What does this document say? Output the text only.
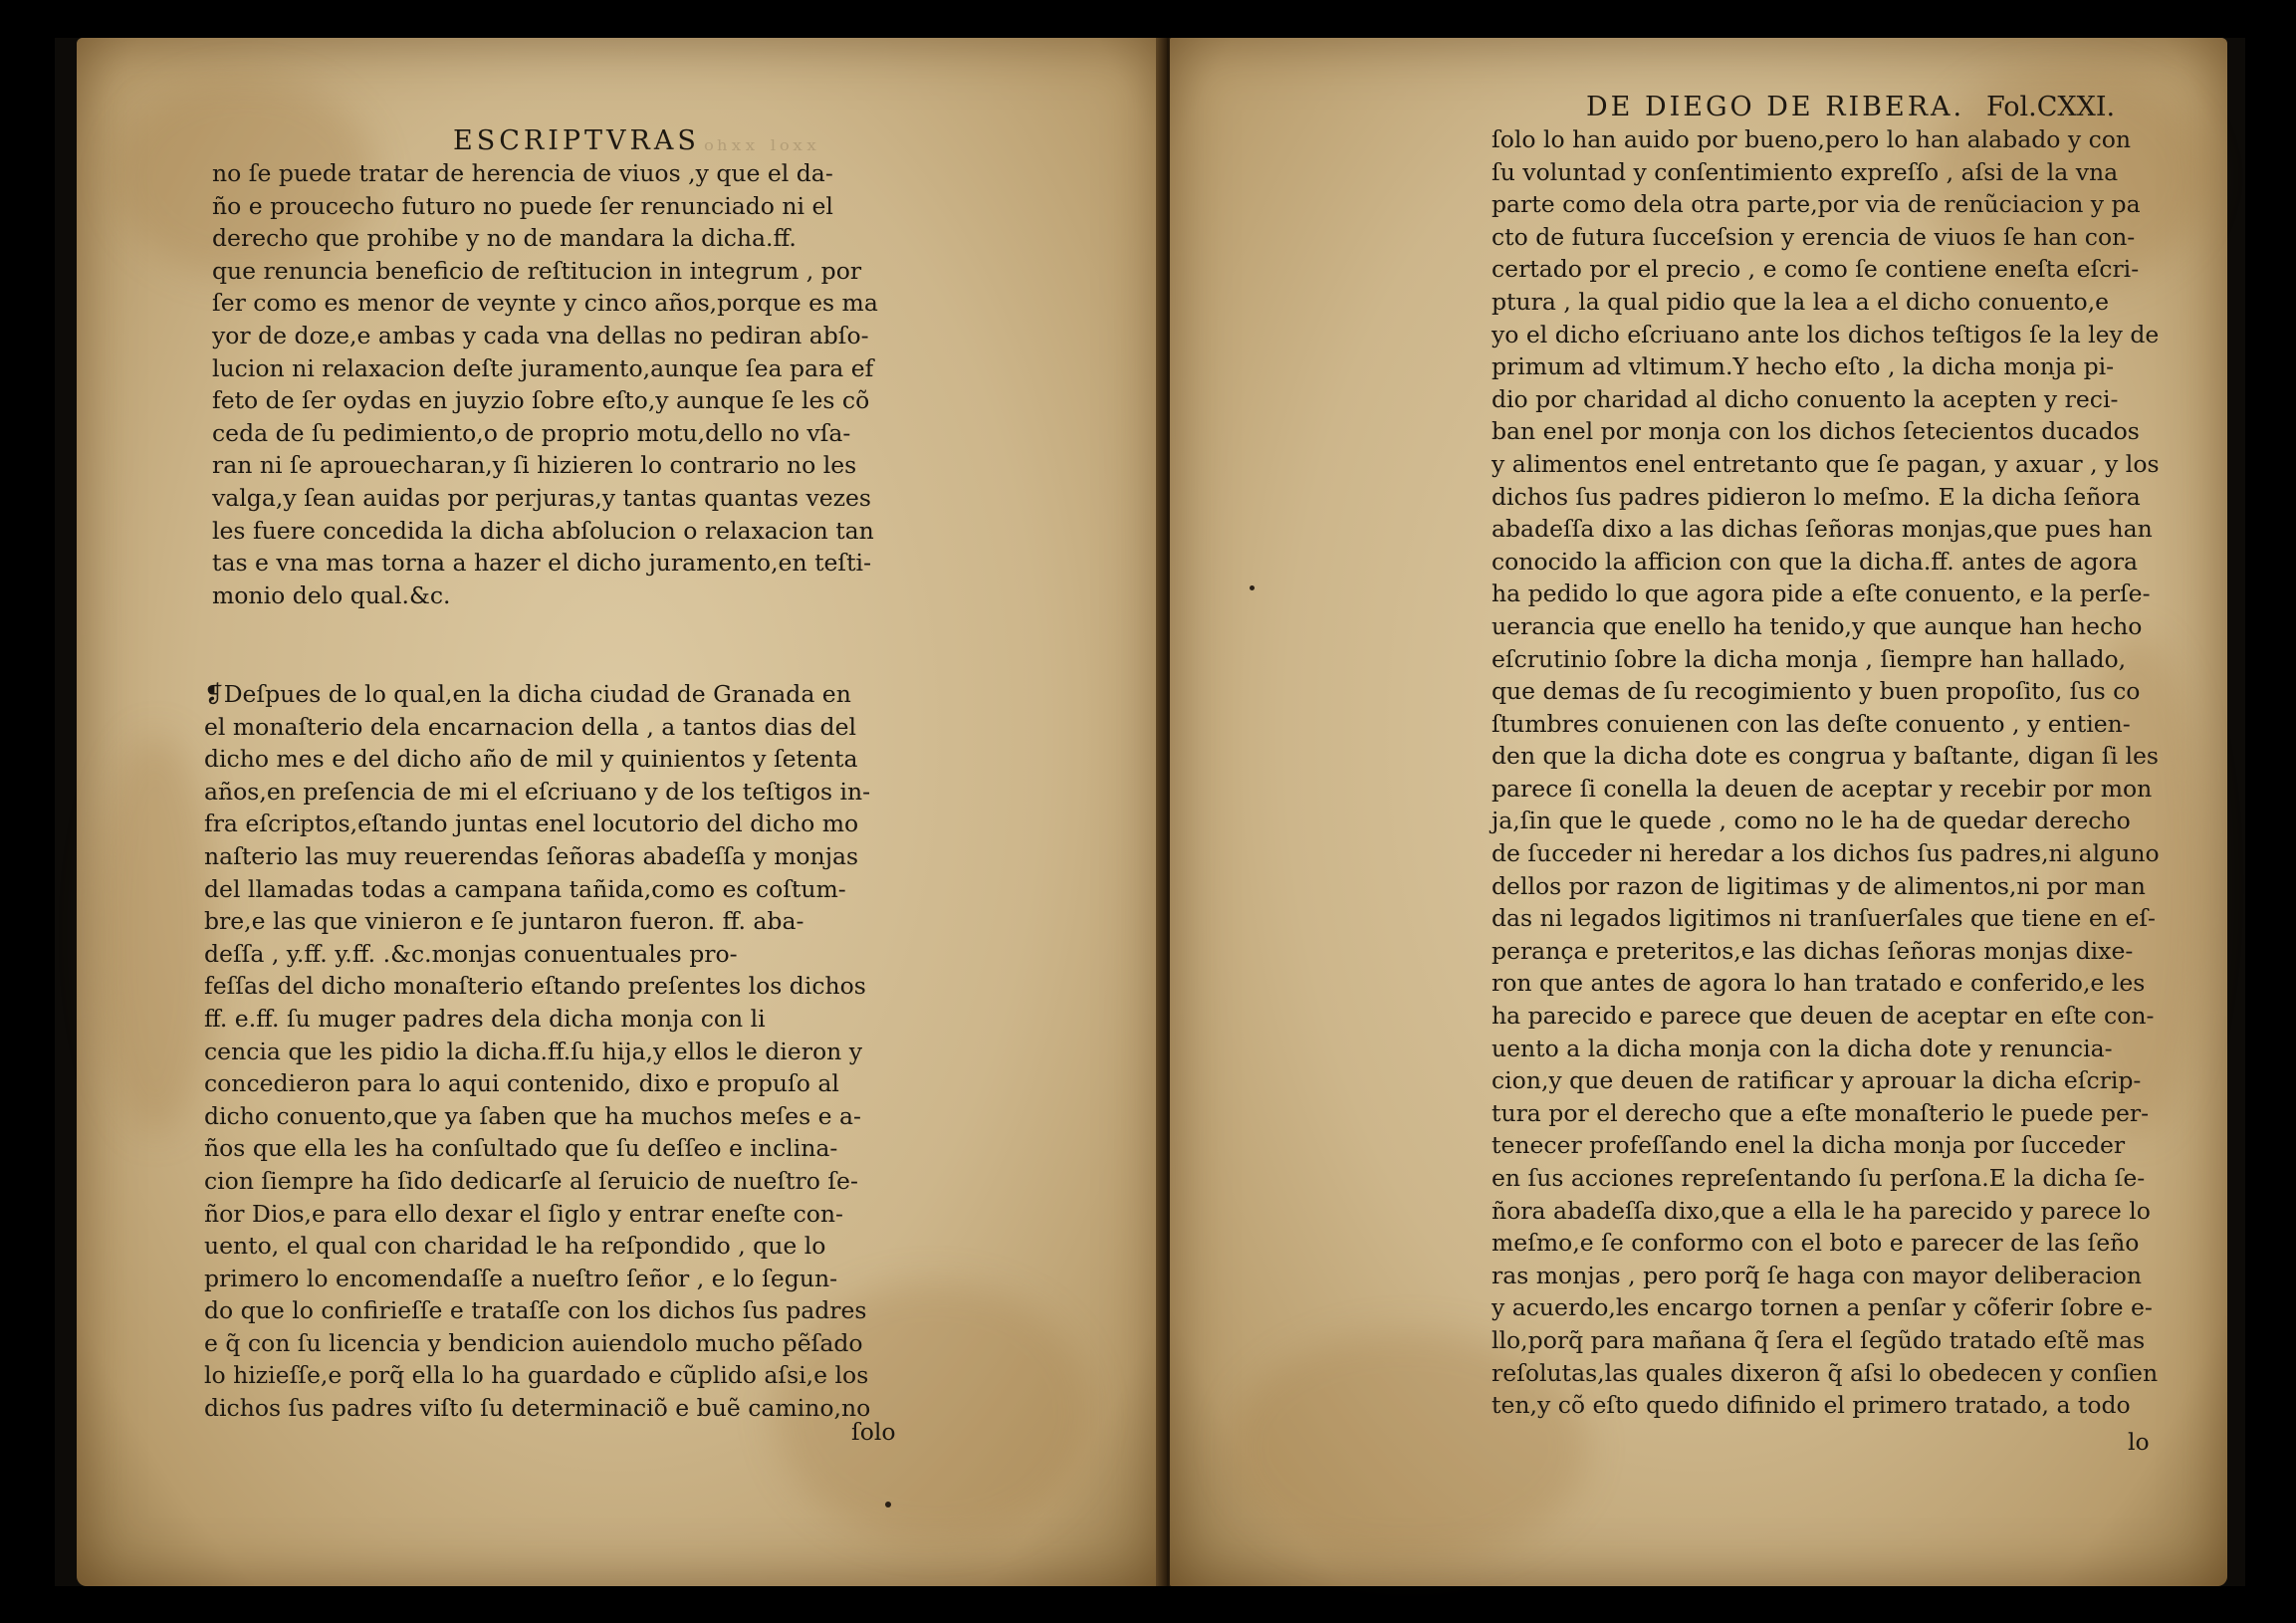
ₒₕₓₓ ₗₒₓₓ
ESCRIPTVRAS
no ſe puede tratar de herencia de viuos ,y que el da-
ño e proucecho futuro no puede ſer renunciado ni el
derecho que prohibe y no de mandara la dicha.ff.
que renuncia beneficio de reſtitucion in integrum , por
ſer como es menor de veynte y cinco años,porque es ma
yor de doze,e ambas y cada vna dellas no pediran abſo-
lucion ni relaxacion deſte juramento,aunque ſea para ef
feto de ſer oydas en juyzio ſobre eſto,y aunque ſe les cõ
ceda de ſu pedimiento,o de proprio motu,dello no vſa-
ran ni ſe aprouecharan,y ſi hizieren lo contrario no les
valga,y ſean auidas por perjuras,y tantas quantas vezes
les fuere concedida la dicha abſolucion o relaxacion tan
tas e vna mas torna a hazer el dicho juramento,en teſti-
monio delo qual.&c.
❡Deſpues de lo qual,en la dicha ciudad de Granada en
el monaſterio dela encarnacion della , a tantos dias del
dicho mes e del dicho año de mil y quinientos y ſetenta
años,en preſencia de mi el eſcriuano y de los teſtigos in-
fra eſcriptos,eſtando juntas enel locutorio del dicho mo
naſterio las muy reuerendas ſeñoras abadeſſa y monjas
del llamadas todas a campana tañida,como es coſtum-
bre,e las que vinieron e ſe juntaron fueron. ff. aba-
deſſa , y.ff. y.ff. .&c.monjas conuentuales pro-
feſſas del dicho monaſterio eſtando preſentes los dichos
ff. e.ff. ſu muger padres dela dicha monja con li
cencia que les pidio la dicha.ff.ſu hija,y ellos le dieron y
concedieron para lo aqui contenido, dixo e propuſo al
dicho conuento,que ya ſaben que ha muchos meſes e a-
ños que ella les ha conſultado que ſu deſſeo e inclina-
cion ſiempre ha ſido dedicarſe al ſeruicio de nueſtro ſe-
ñor Dios,e para ello dexar el ſiglo y entrar eneſte con-
uento, el qual con charidad le ha reſpondido , que lo
primero lo encomendaſſe a nueſtro ſeñor , e lo ſegun-
do que lo confirieſſe e trataſſe con los dichos ſus padres
e q̃ con ſu licencia y bendicion auiendolo mucho pẽſado
lo hizieſſe,e porq̃ ella lo ha guardado e cũplido aſsi,e los
dichos ſus padres viſto ſu determinaciõ e buẽ camino,no
ſolo
DE DIEGO DE RIBERA. Fol.CXXI.
ſolo lo han auido por bueno,pero lo han alabado y con
ſu voluntad y conſentimiento expreſſo , aſsi de la vna
parte como dela otra parte,por via de renũciacion y pa
cto de futura ſucceſsion y erencia de viuos ſe han con-
certado por el precio , e como ſe contiene eneſta eſcri-
ptura , la qual pidio que la lea a el dicho conuento,e
yo el dicho eſcriuano ante los dichos teſtigos ſe la ley de
primum ad vltimum.Y hecho eſto , la dicha monja pi-
dio por charidad al dicho conuento la acepten y reci-
ban enel por monja con los dichos ſetecientos ducados
y alimentos enel entretanto que ſe pagan, y axuar , y los
dichos ſus padres pidieron lo meſmo. E la dicha ſeñora
abadeſſa dixo a las dichas ſeñoras monjas,que pues han
conocido la afficion con que la dicha.ff. antes de agora
ha pedido lo que agora pide a eſte conuento, e la perſe-
uerancia que enello ha tenido,y que aunque han hecho
eſcrutinio ſobre la dicha monja , ſiempre han hallado,
que demas de ſu recogimiento y buen propoſito, ſus co
ſtumbres conuienen con las deſte conuento , y entien-
den que la dicha dote es congrua y baſtante, digan ſi les
parece ſi conella la deuen de aceptar y recebir por mon
ja,ſin que le quede , como no le ha de quedar derecho
de ſucceder ni heredar a los dichos ſus padres,ni alguno
dellos por razon de ligitimas y de alimentos,ni por man
das ni legados ligitimos ni tranſuerſales que tiene en eſ-
perança e preteritos,e las dichas ſeñoras monjas dixe-
ron que antes de agora lo han tratado e conferido,e les
ha parecido e parece que deuen de aceptar en eſte con-
uento a la dicha monja con la dicha dote y renuncia-
cion,y que deuen de ratificar y aprouar la dicha eſcrip-
tura por el derecho que a eſte monaſterio le puede per-
tenecer profeſſando enel la dicha monja por ſucceder
en ſus acciones repreſentando ſu perſona.E la dicha ſe-
ñora abadeſſa dixo,que a ella le ha parecido y parece lo
meſmo,e ſe conformo con el boto e parecer de las ſeño
ras monjas , pero porq̃ ſe haga con mayor deliberacion
y acuerdo,les encargo tornen a penſar y cõferir ſobre e-
llo,porq̃ para mañana q̃ ſera el ſegũdo tratado eſtẽ mas
reſolutas,las quales dixeron q̃ aſsi lo obedecen y conſien
ten,y cõ eſto quedo difinido el primero tratado, a todo
lo
